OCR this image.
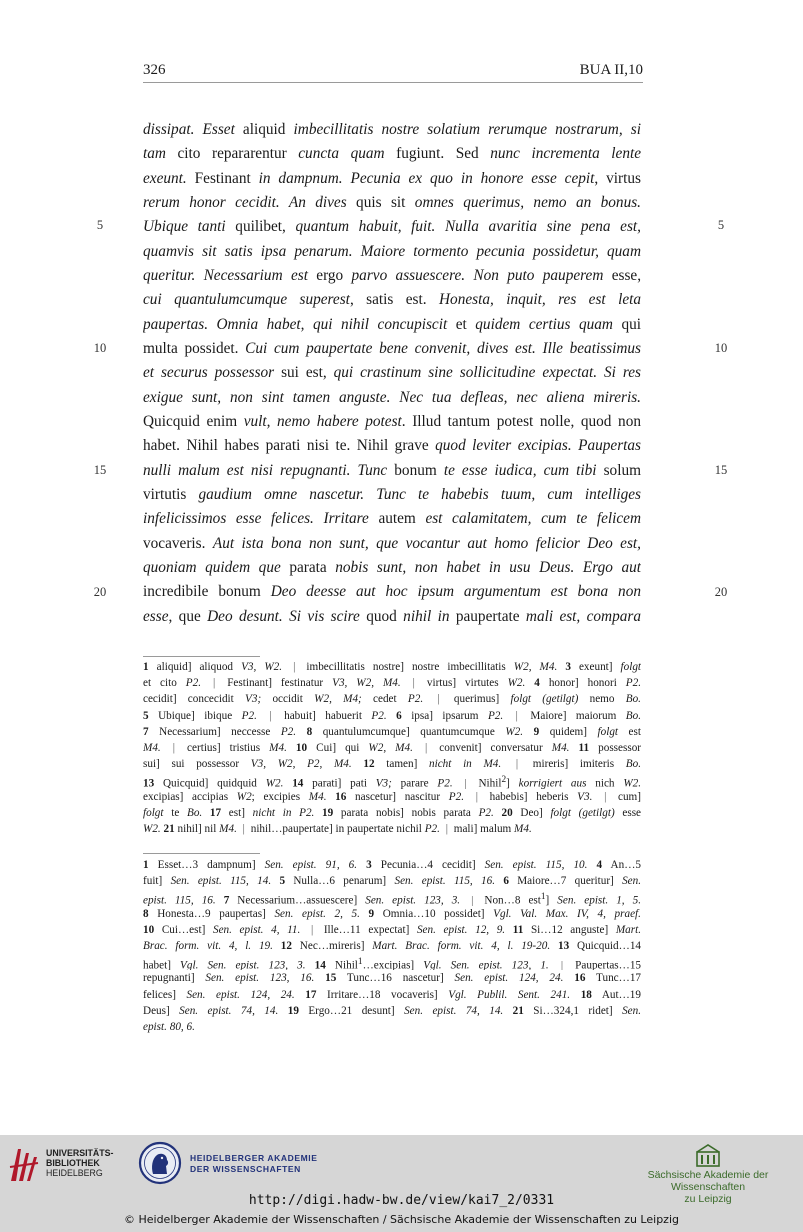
326	BUA II,10
dissipat. Esset aliquid imbecillitatis nostre solatium rerumque nostrarum, si
tam cito repararentur cuncta quam fugiunt. Sed nunc incrementa lente
exeunt. Festinant in dampnum. Pecunia ex quo in honore esse cepit, virtus
rerum honor cecidit. An dives quis sit omnes querimus, nemo an bonus.
Ubique tanti quilibet, quantum habuit, fuit. Nulla avaritia sine pena est,
quamvis sit satis ipsa penarum. Maiore tormento pecunia possidetur, quam
queritur. Necessarium est ergo parvo assuescere. Non puto pauperem esse,
cui quantulumcumque superest, satis est. Honesta, inquit, res est leta
paupertas. Omnia habet, qui nihil concupiscit et quidem certius quam qui
multa possidet. Cui cum paupertate bene convenit, dives est. Ille beatissimus
et securus possessor sui est, qui crastinum sine sollicitudine expectat. Si res
exigue sunt, non sint tamen anguste. Nec tua defleas, nec aliena mireris.
Quicquid enim vult, nemo habere potest. Illud tantum potest nolle, quod non
habet. Nihil habes parati nisi te. Nihil grave quod leviter excipias. Paupertas
nulli malum est nisi repugnanti. Tunc bonum te esse iudica, cum tibi solum
virtutis gaudium omne nascetur. Tunc te habebis tuum, cum intelliges
infelicissimos esse felices. Irritare autem est calamitatem, cum te felicem
vocaveris. Aut ista bona non sunt, que vocantur aut homo felicior Deo est,
quoniam quidem que parata nobis sunt, non habet in usu Deus. Ergo aut
incredibile bonum Deo deesse aut hoc ipsum argumentum est bona non
esse, que Deo desunt. Si vis scire quod nihil in paupertate mali est, compara
5	5
10	10
15	15
20	20
1 aliquid] aliquod V3, W2. | imbecillitatis nostre] nostre imbecillitatis W2, M4. 3 exeunt] folgt
et cito P2. | Festinant] festinatur V3, W2, M4. | virtus] virtutes W2. 4 honor] honori P2.
cecidit] concecidit V3; occidit W2, M4; cedet P2. | querimus] folgt (getilgt) nemo Bo.
5 Ubique] ibique P2. | habuit] habuerit P2. 6 ipsa] ipsarum P2. | Maiore] maiorum Bo.
7 Necessarium] neccesse P2. 8 quantulumcumque] quantumcumque W2. 9 quidem] folgt est
M4. | certius] tristius M4. 10 Cui] qui W2, M4. | convenit] conversatur M4. 11 possessor
sui] sui possessor V3, W2, P2, M4. 12 tamen] nicht in M4. | mireris] imiteris Bo.
13 Quicquid] quidquid W2. 14 parati] pati V3; parare P2. | Nihil$^2$] korrigiert aus nich W2.
excipias] accipias W2; excipies M4. 16 nascetur] nascitur P2. | habebis] heberis V3. | cum]
folgt te Bo. 17 est] nicht in P2. 19 parata nobis] nobis parata P2. 20 Deo] folgt (getilgt) esse
W2. 21 nihil] nil M4. | nihil…paupertate] in paupertate nichil P2. | mali] malum M4.
1 Esset…3 dampnum] Sen. epist. 91, 6. 3 Pecunia…4 cecidit] Sen. epist. 115, 10. 4 An…5
fuit] Sen. epist. 115, 14. 5 Nulla…6 penarum] Sen. epist. 115, 16. 6 Maiore…7 queritur] Sen.
epist. 115, 16. 7 Necessarium…assuescere] Sen. epist. 123, 3. | Non…8 est$^1$] Sen. epist. 1, 5.
8 Honesta…9 paupertas] Sen. epist. 2, 5. 9 Omnia…10 possidet] Vgl. Val. Max. IV, 4, praef.
10 Cui…est] Sen. epist. 4, 11. | Ille…11 expectat] Sen. epist. 12, 9. 11 Si…12 anguste] Mart.
Brac. form. vit. 4, l. 19. 12 Nec…mireris] Mart. Brac. form. vit. 4, l. 19-20. 13 Quicquid…14
habet] Vgl. Sen. epist. 123, 3. 14 Nihil$^1$…excipias] Vgl. Sen. epist. 123, 1. | Paupertas…15
repugnanti] Sen. epist. 123, 16. 15 Tunc…16 nascetur] Sen. epist. 124, 24. 16 Tunc…17
felices] Sen. epist. 124, 24. 17 Irritare…18 vocaveris] Vgl. Publil. Sent. 241. 18 Aut…19
Deus] Sen. epist. 74, 14. 19 Ergo…21 desunt] Sen. epist. 74, 14. 21 Si…324,1 ridet] Sen.
epist. 80, 6.
UNIVERSITÄTS-
BIBLIOTHEK
HEIDELBERG
HEIDELBERGER AKADEMIE
DER WISSENSCHAFTEN	Sächsische Akademie der Wissenschaften
zu Leipzig
http://digi.hadw-bw.de/view/kai7_2/0331
© Heidelberger Akademie der Wissenschaften / Sächsische Akademie der Wissenschaften zu Leipzig
